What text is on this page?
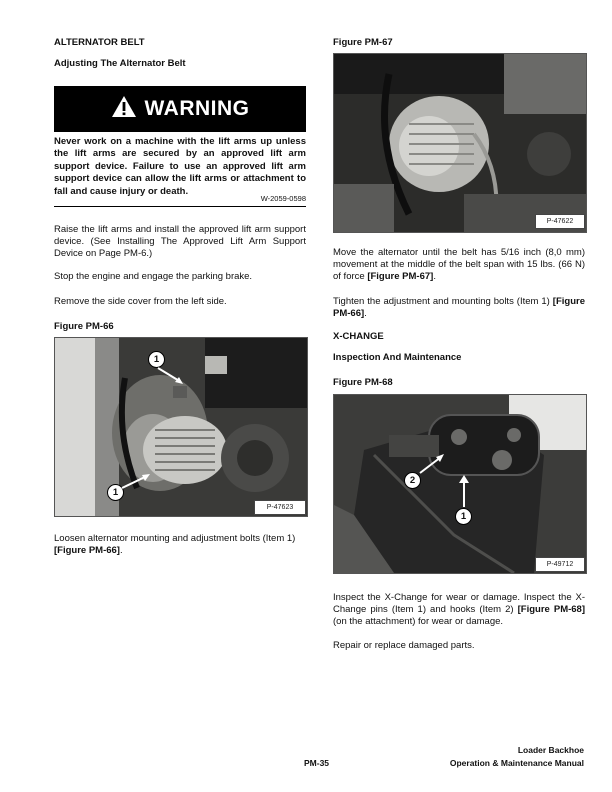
ALTERNATOR BELT
Adjusting The Alternator Belt
WARNING
Never work on a machine with the lift arms up unless the lift arms are secured by an approved lift arm support device. Failure to use an approved lift arm support device can allow the lift arms or attachment to fall and cause injury or death.
W-2059-0598
Raise the lift arms and install the approved lift arm support device. (See Installing The Approved Lift Arm Support Device on Page PM-6.)
Stop the engine and engage the parking brake.
Remove the side cover from the left side.
Figure PM-66
1
1
P-47623
Loosen alternator mounting and adjustment bolts (Item 1) [Figure PM-66].
Figure PM-67
P-47622
Move the alternator until the belt has 5/16 inch (8,0 mm) movement at the middle of the belt span with 15 lbs. (66 N) of force [Figure PM-67].
Tighten the adjustment and mounting bolts (Item 1) [Figure PM-66].
X-CHANGE
Inspection And Maintenance
Figure PM-68
2
1
P-49712
Inspect the X-Change for wear or damage. Inspect the X-Change pins (Item 1) and hooks (Item 2) [Figure PM-68] (on the attachment) for wear or damage.
Repair or replace damaged parts.
PM-35
Loader Backhoe
Operation & Maintenance Manual
